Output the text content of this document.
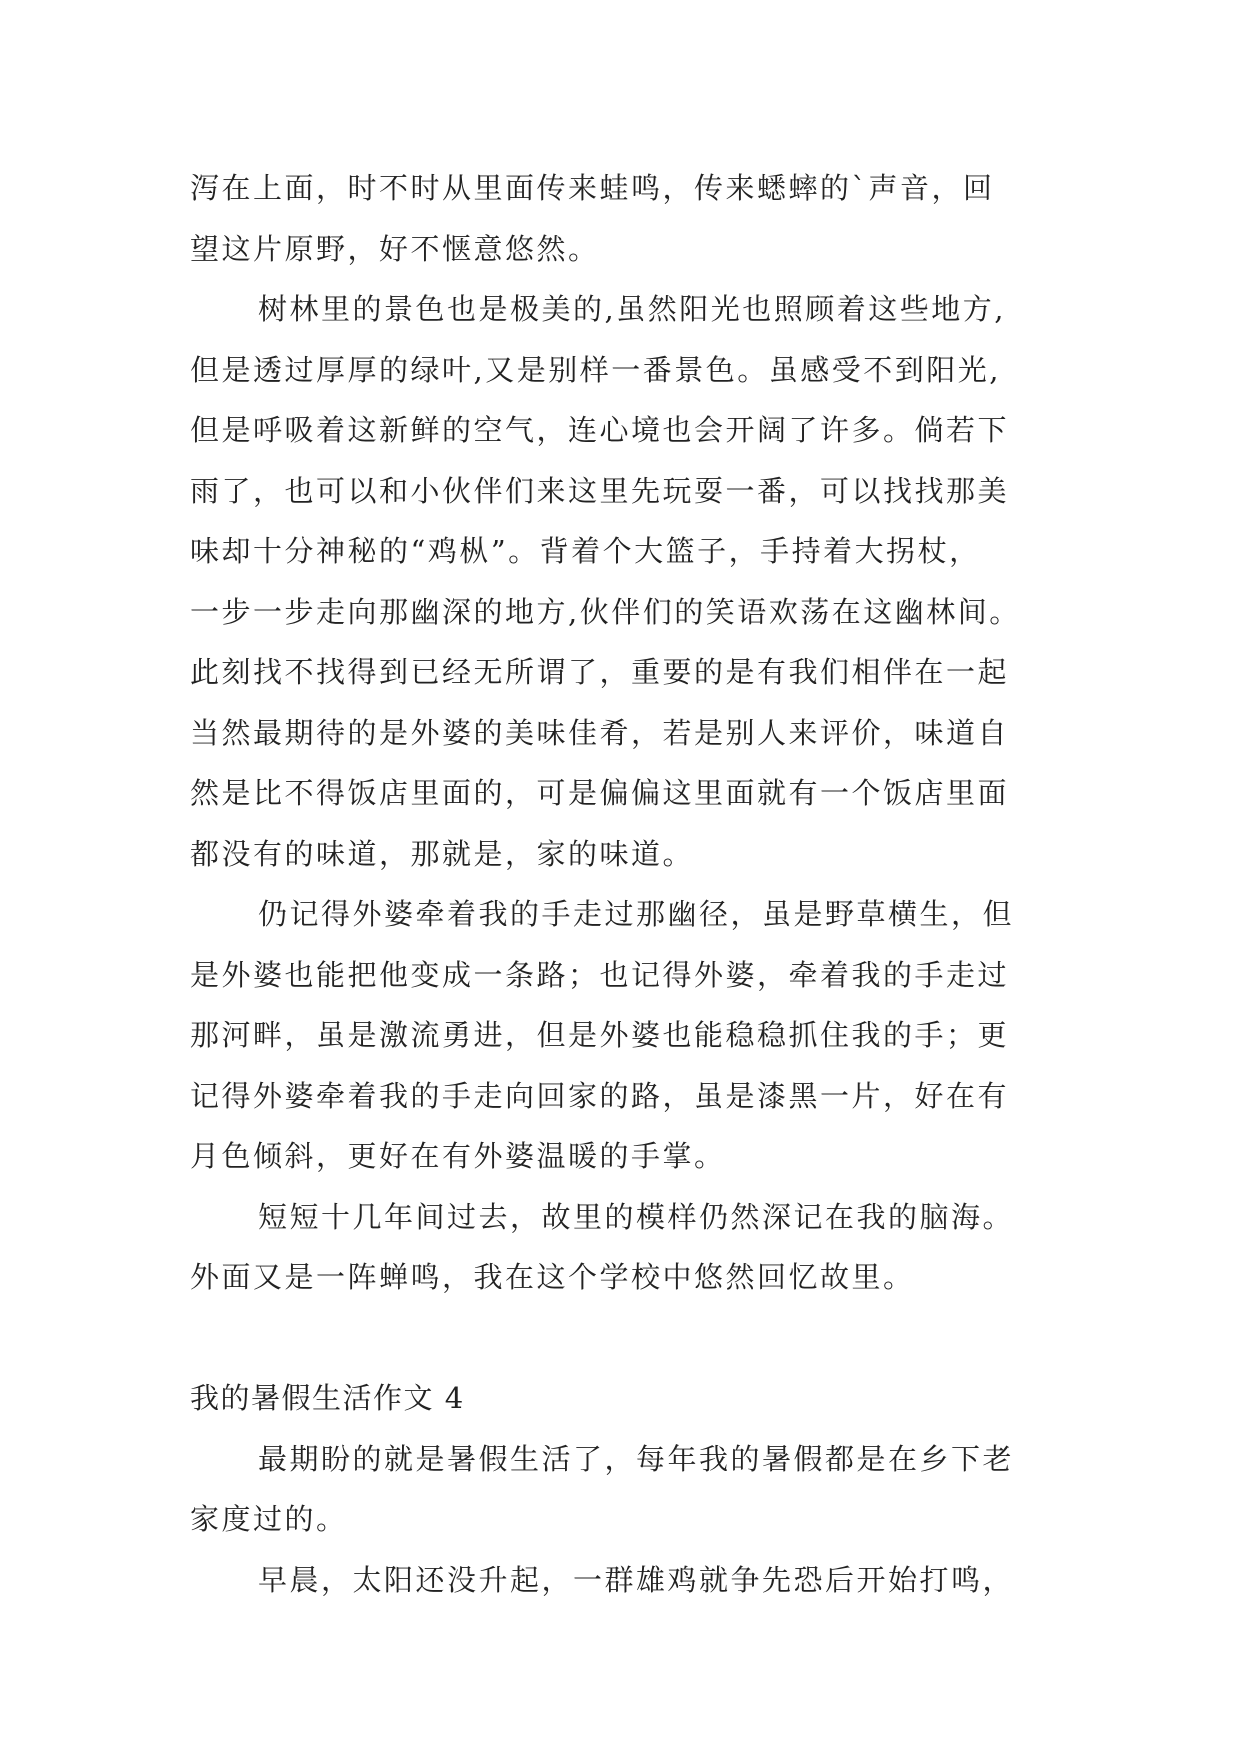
泻在上面，时不时从里面传来蛙鸣，传来蟋蟀的`声音，回
望这片原野，好不惬意悠然。
树林里的景色也是极美的,虽然阳光也照顾着这些地方,
但是透过厚厚的绿叶,又是别样一番景色。虽感受不到阳光,
但是呼吸着这新鲜的空气，连心境也会开阔了许多。倘若下
雨了，也可以和小伙伴们来这里先玩耍一番，可以找找那美
味却十分神秘的“鸡枞”。背着个大篮子，手持着大拐杖，
一步一步走向那幽深的地方,伙伴们的笑语欢荡在这幽林间。
此刻找不找得到已经无所谓了，重要的是有我们相伴在一起
当然最期待的是外婆的美味佳肴，若是别人来评价，味道自
然是比不得饭店里面的，可是偏偏这里面就有一个饭店里面
都没有的味道，那就是，家的味道。
仍记得外婆牵着我的手走过那幽径，虽是野草横生，但
是外婆也能把他变成一条路；也记得外婆，牵着我的手走过
那河畔，虽是激流勇进，但是外婆也能稳稳抓住我的手；更
记得外婆牵着我的手走向回家的路，虽是漆黑一片，好在有
月色倾斜，更好在有外婆温暖的手掌。
短短十几年间过去，故里的模样仍然深记在我的脑海。
外面又是一阵蝉鸣，我在这个学校中悠然回忆故里。
我的暑假生活作文 4
最期盼的就是暑假生活了，每年我的暑假都是在乡下老
家度过的。
早晨，太阳还没升起，一群雄鸡就争先恐后开始打鸣，
